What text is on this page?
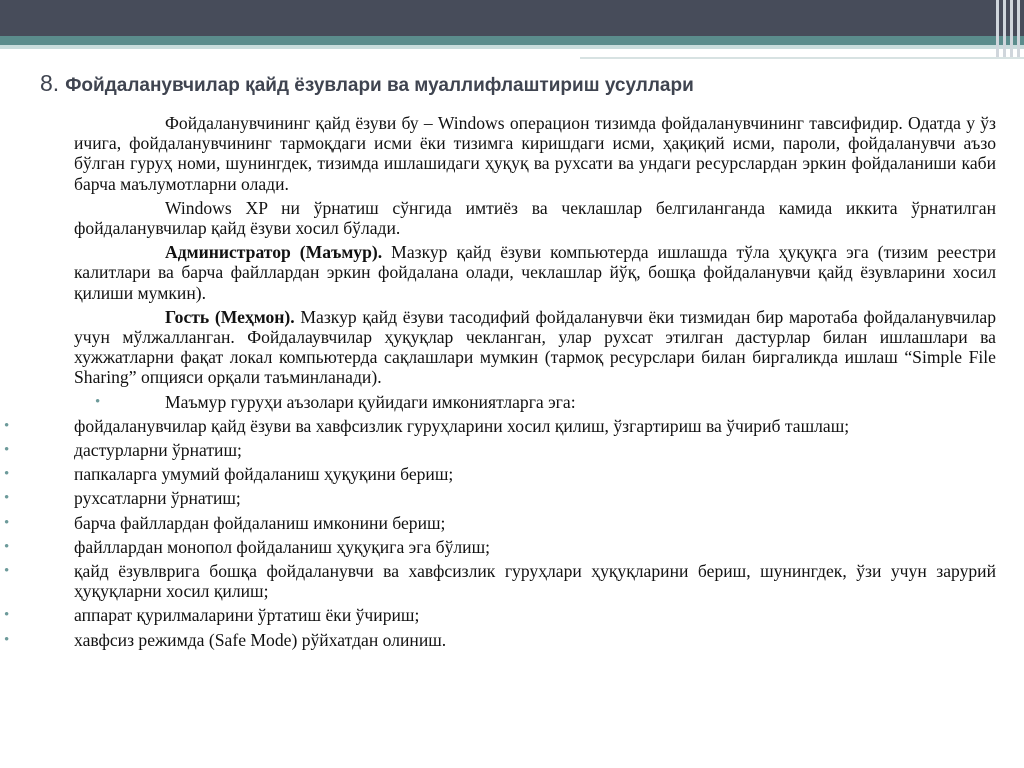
8. Фойдаланувчилар қайд ёзувлари ва муаллифлаштириш усуллари

Фойдаланувчининг қайд ёзуви бу – Windows операцион тизимда фойдаланувчининг тавсифидир. Одатда у ўз ичига, фойдаланувчининг тармоқдаги исми ёки тизимга киришдаги исми, ҳақиқий исми, пароли, фойдаланувчи аъзо бўлган гуруҳ номи, шунингдек, тизимда ишлашидаги ҳуқуқ ва рухсати ва ундаги ресурслардан эркин фойдаланиши каби барча маълумотларни олади.

Windows XP ни ўрнатиш сўнгида имтиёз ва чеклашлар белгиланганда камида иккита ўрнатилган фойдаланувчилар қайд ёзуви хосил бўлади.

Администратор (Маъмур). Мазкур қайд ёзуви компьютерда ишлашда тўла ҳуқуқга эга (тизим реестри калитлари ва барча файллардан эркин фойдалана олади, чеклашлар йўқ, бошқа фойдаланувчи қайд ёзувларини хосил қилиши мумкин).

Гость (Меҳмон). Мазкур қайд ёзуви тасодифий фойдаланувчи ёки тизмидан бир маротаба фойдаланувчилар учун мўлжалланган. Фойдалаувчилар ҳуқуқлар чекланган, улар рухсат этилган дастурлар билан ишлашлари ва хужжатларни фақат локал компьютерда сақлашлари мумкин (тармоқ ресурслари билан биргаликда ишлаш “Simple File Sharing” опцияси орқали таъминланади).

•	Маъмур гуруҳи аъзолари қуйидаги имкониятларга эга:
•	фойдаланувчилар қайд ёзуви ва хавфсизлик гуруҳларини хосил қилиш, ўзгартириш ва ўчириб ташлаш;
•	дастурларни ўрнатиш;
•	папкаларга умумий фойдаланиш ҳуқуқини бериш;
•	рухсатларни ўрнатиш;
•	барча файллардан фойдаланиш имконини бериш;
•	файллардан монопол фойдаланиш ҳуқуқига эга бўлиш;
•	қайд ёзувлврига бошқа фойдаланувчи ва хавфсизлик гуруҳлари ҳуқуқларини бериш, шунингдек, ўзи учун зарурий ҳуқуқларни хосил қилиш;
•	аппарат қурилмаларини ўртатиш ёки ўчириш;
•	хавфсиз режимда (Safe Mode) рўйхатдан олиниш.
